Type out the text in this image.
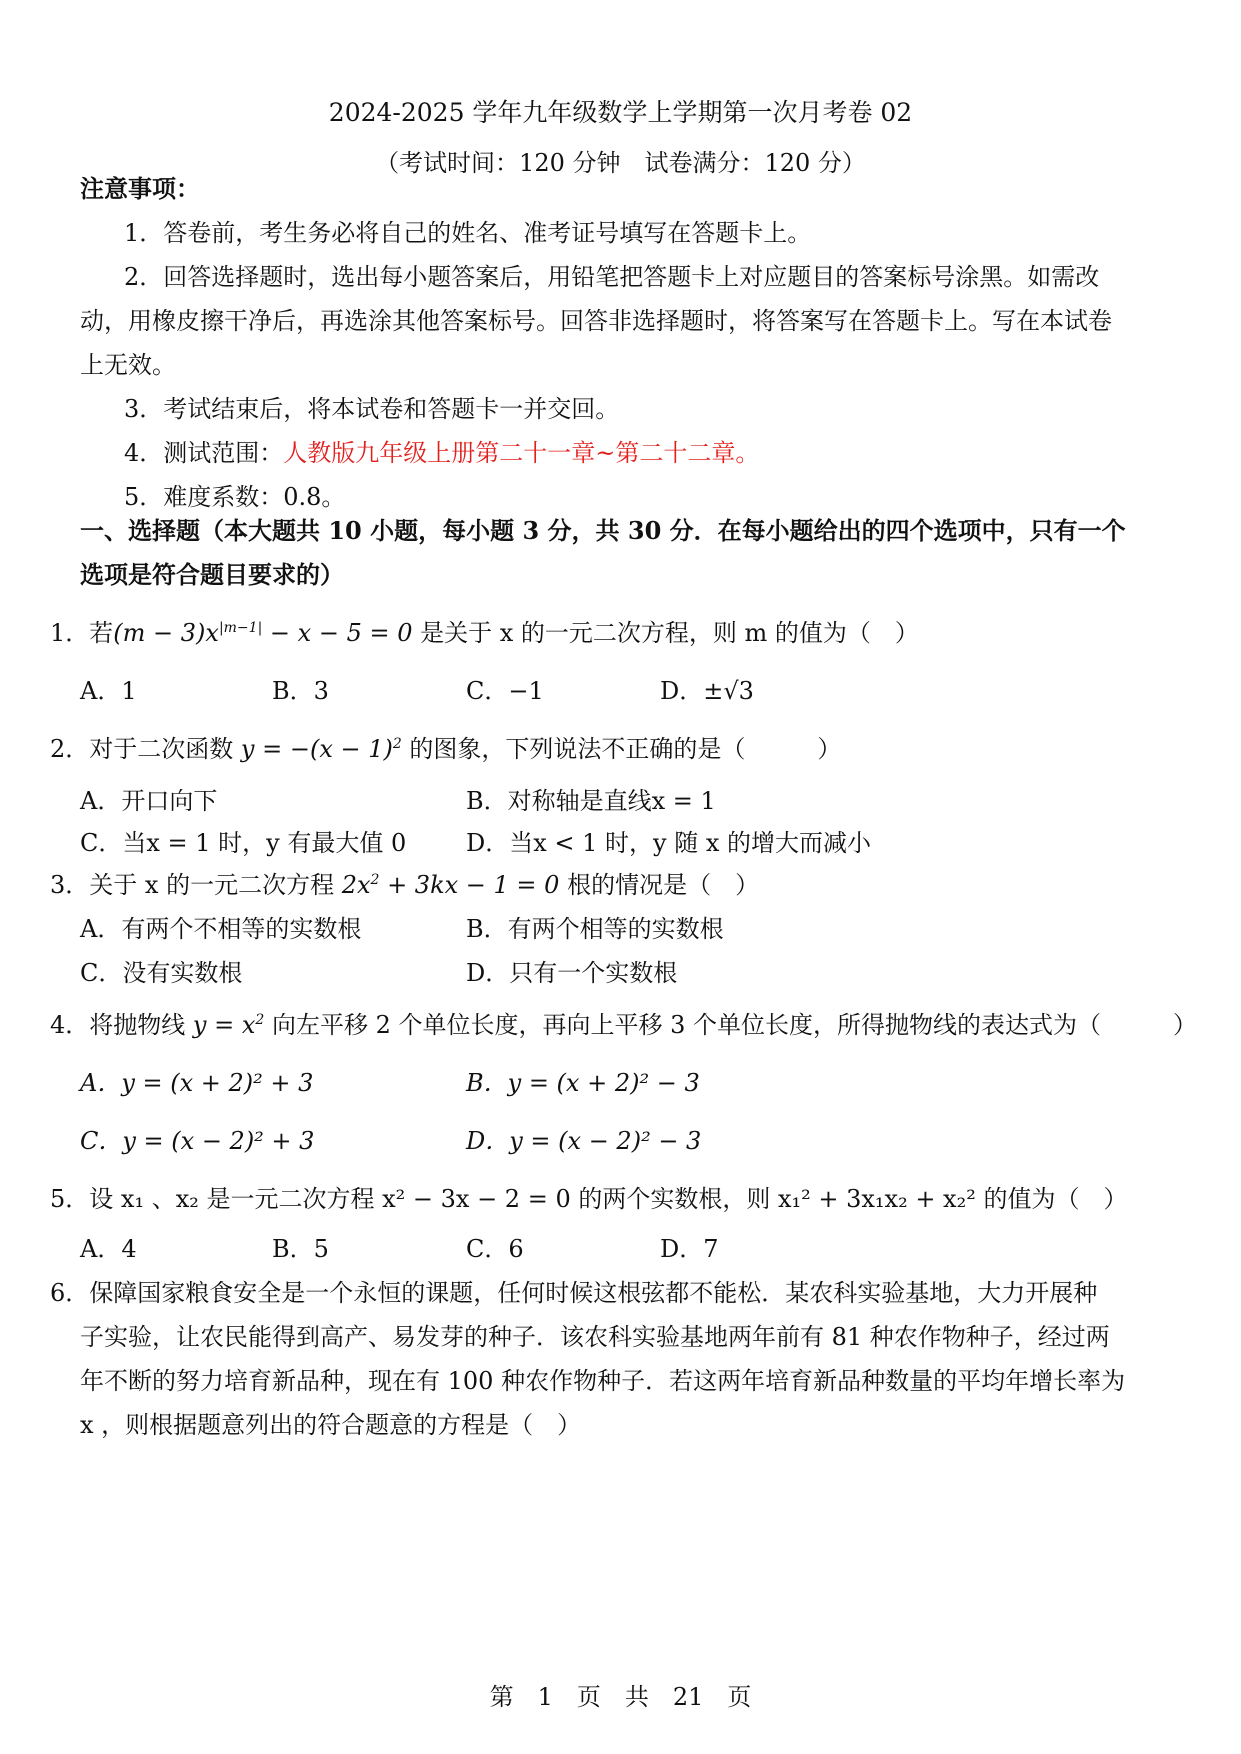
2024-2025 学年九年级数学上学期第一次月考卷 02
（考试时间：120 分钟　试卷满分：120 分）
注意事项：
1．答卷前，考生务必将自己的姓名、准考证号填写在答题卡上。
2．回答选择题时，选出每小题答案后，用铅笔把答题卡上对应题目的答案标号涂黑。如需改
动，用橡皮擦干净后，再选涂其他答案标号。回答非选择题时，将答案写在答题卡上。写在本试卷
上无效。
3．考试结束后，将本试卷和答题卡一并交回。
4．测试范围：人教版九年级上册第二十一章~第二十二章。
5．难度系数：0.8。
一、选择题（本大题共 10 小题，每小题 3 分，共 30 分．在每小题给出的四个选项中，只有一个
选项是符合题目要求的）
1．若$(m - 3)x^{|m-1|} - x - 5 = 0$ 是关于 x 的一元二次方程，则 m 的值为（　）
A．1	B．3	C．−1	D．±√3
2．对于二次函数 $y = -(x - 1)^2$ 的图象，下列说法不正确的是（　　　）
A．开口向下	B．对称轴是直线x = 1
C．当x = 1 时，y 有最大值 0 D．当x < 1 时，y 随 x 的增大而减小
3．关于 x 的一元二次方程 $2x^2 + 3kx - 1 = 0$ 根的情况是（　）
A．有两个不相等的实数根	B．有两个相等的实数根
C．没有实数根	D．只有一个实数根
4．将抛物线 $y = x^2$ 向左平移 2 个单位长度，再向上平移 3 个单位长度，所得抛物线的表达式为（　　　）
A．y = (x + 2)² + 3	B．y = (x + 2)² − 3
C．y = (x − 2)² + 3	D．y = (x − 2)² − 3
5．设 x₁ 、x₂ 是一元二次方程 x² − 3x − 2 = 0 的两个实数根，则 x₁² + 3x₁x₂ + x₂² 的值为（　）
A．4	B．5	C．6	D．7
6．保障国家粮食安全是一个永恒的课题，任何时候这根弦都不能松．某农科实验基地，大力开展种
子实验，让农民能得到高产、易发芽的种子．该农科实验基地两年前有 81 种农作物种子，经过两
年不断的努力培育新品种，现在有 100 种农作物种子．若这两年培育新品种数量的平均年增长率为
x ，则根据题意列出的符合题意的方程是（　）
第　1　页　共　21　页
